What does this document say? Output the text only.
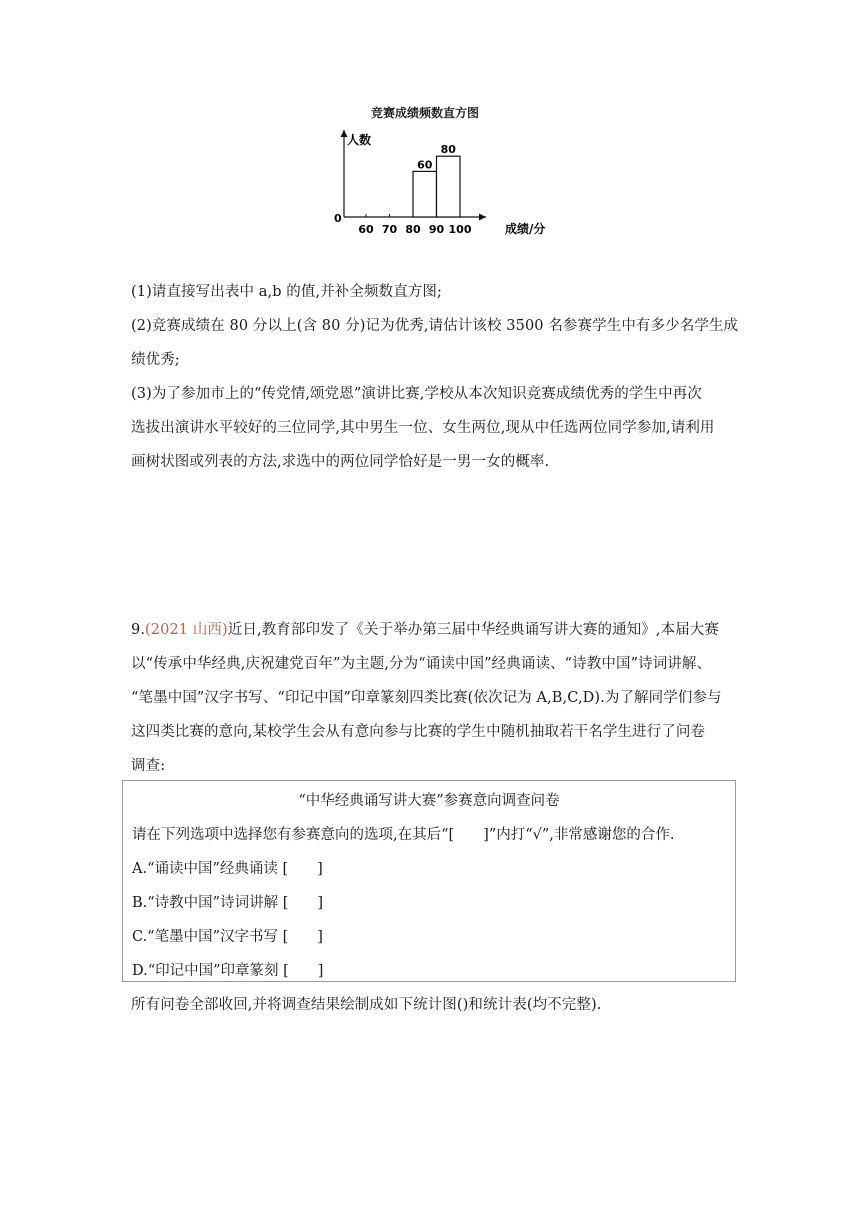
竞赛成绩频数直方图
人数
成绩/分
0
60 70 80 90 100
60
80
(1)请直接写出表中 a,b 的值,并补全频数直方图;
(2)竞赛成绩在 80 分以上(含 80 分)记为优秀,请估计该校 3500 名参赛学生中有多少名学生成
绩优秀;
(3)为了参加市上的“传党情,颂党恩”演讲比赛,学校从本次知识竞赛成绩优秀的学生中再次
选拔出演讲水平较好的三位同学,其中男生一位、女生两位,现从中任选两位同学参加,请利用
画树状图或列表的方法,求选中的两位同学恰好是一男一女的概率.
9.(2021 山西)近日,教育部印发了《关于举办第三届中华经典诵写讲大赛的通知》,本届大赛
以“传承中华经典,庆祝建党百年”为主题,分为“诵读中国”经典诵读、“诗教中国”诗词讲解、
“笔墨中国”汉字书写、“印记中国”印章篆刻四类比赛(依次记为 A,B,C,D).为了解同学们参与
这四类比赛的意向,某校学生会从有意向参与比赛的学生中随机抽取若干名学生进行了问卷
调查:
“中华经典诵写讲大赛”参赛意向调查问卷
请在下列选项中选择您有参赛意向的选项,在其后“[　　]”内打“√”,非常感谢您的合作.
A.“诵读中国”经典诵读 [　　]
B.“诗教中国”诗词讲解 [　　]
C.“笔墨中国”汉字书写 [　　]
D.“印记中国”印章篆刻 [　　]
所有问卷全部收回,并将调查结果绘制成如下统计图()和统计表(均不完整).
